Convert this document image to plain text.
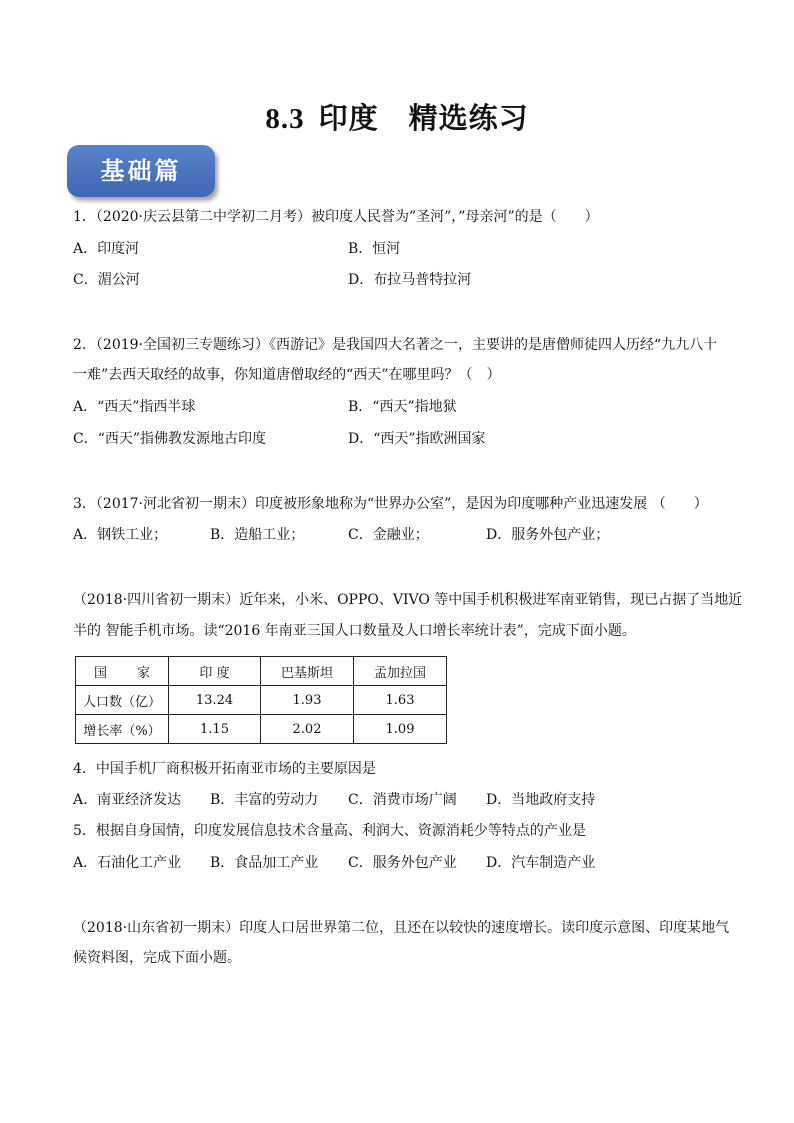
8.3 印度 精选练习
基础篇
1．（2020·庆云县第二中学初二月考）被印度人民誉为”圣河”，”母亲河”的是（　　）
A．印度河	B．恒河
C．湄公河	D．布拉马普特拉河
2．（2019·全国初三专题练习）《西游记》是我国四大名著之一，主要讲的是唐僧师徒四人历经“九九八十
一难”去西天取经的故事，你知道唐僧取经的“西天”在哪里吗？（　）
A．“西天”指西半球	B．“西天”指地狱
C．“西天”指佛教发源地古印度	D．“西天”指欧洲国家
3．（2017·河北省初一期末）印度被形象地称为“世界办公室”，是因为印度哪种产业迅速发展 （　　）
A．钢铁工业；	B．造船工业；	C．金融业；	D．服务外包产业；
（2018·四川省初一期末）近年来，小米、OPPO、VIVO 等中国手机积极进军南亚销售，现已占据了当地近
半的 智能手机市场。读“2016 年南亚三国人口数量及人口增长率统计表”，完成下面小题。
国 家	印 度	巴基斯坦	孟加拉国
人口数（亿）	13.24	1.93	1.63
增长率（%）	1.15	2.02	1.09
4．中国手机厂商积极开拓南亚市场的主要原因是
A．南亚经济发达 B．丰富的劳动力 C．消费市场广阔 D．当地政府支持
5．根据自身国情，印度发展信息技术含量高、利润大、资源消耗少等特点的产业是
A．石油化工产业 B．食品加工产业 C．服务外包产业 D．汽车制造产业
（2018·山东省初一期末）印度人口居世界第二位，且还在以较快的速度增长。读印度示意图、印度某地气
候资料图，完成下面小题。
